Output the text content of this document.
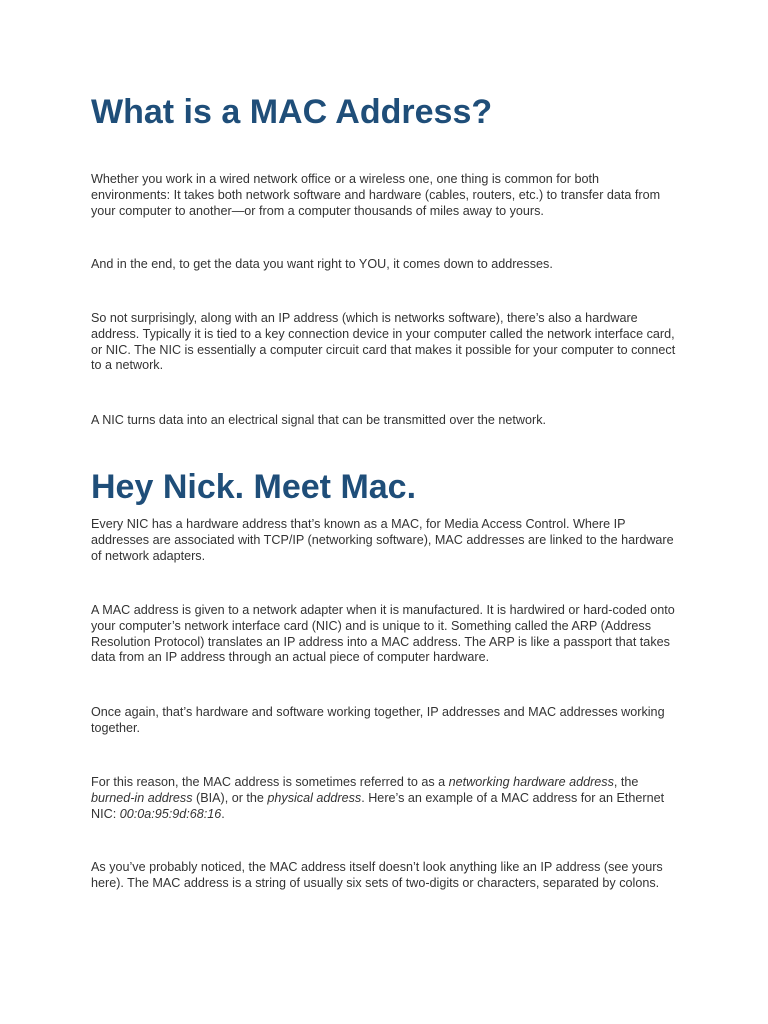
What is a MAC Address?

Whether you work in a wired network office or a wireless one, one thing is common for both environments: It takes both network software and hardware (cables, routers, etc.) to transfer data from your computer to another—or from a computer thousands of miles away to yours.

And in the end, to get the data you want right to YOU, it comes down to addresses.

So not surprisingly, along with an IP address (which is networks software), there’s also a hardware address. Typically it is tied to a key connection device in your computer called the network interface card, or NIC. The NIC is essentially a computer circuit card that makes it possible for your computer to connect to a network.

A NIC turns data into an electrical signal that can be transmitted over the network.

Hey Nick. Meet Mac.

Every NIC has a hardware address that’s known as a MAC, for Media Access Control. Where IP addresses are associated with TCP/IP (networking software), MAC addresses are linked to the hardware of network adapters.

A MAC address is given to a network adapter when it is manufactured. It is hardwired or hard-coded onto your computer’s network interface card (NIC) and is unique to it. Something called the ARP (Address Resolution Protocol) translates an IP address into a MAC address. The ARP is like a passport that takes data from an IP address through an actual piece of computer hardware.

Once again, that’s hardware and software working together, IP addresses and MAC addresses working together.

For this reason, the MAC address is sometimes referred to as a networking hardware address, the burned-in address (BIA), or the physical address. Here’s an example of a MAC address for an Ethernet NIC: 00:0a:95:9d:68:16.

As you’ve probably noticed, the MAC address itself doesn’t look anything like an IP address (see yours here). The MAC address is a string of usually six sets of two-digits or characters, separated by colons.
